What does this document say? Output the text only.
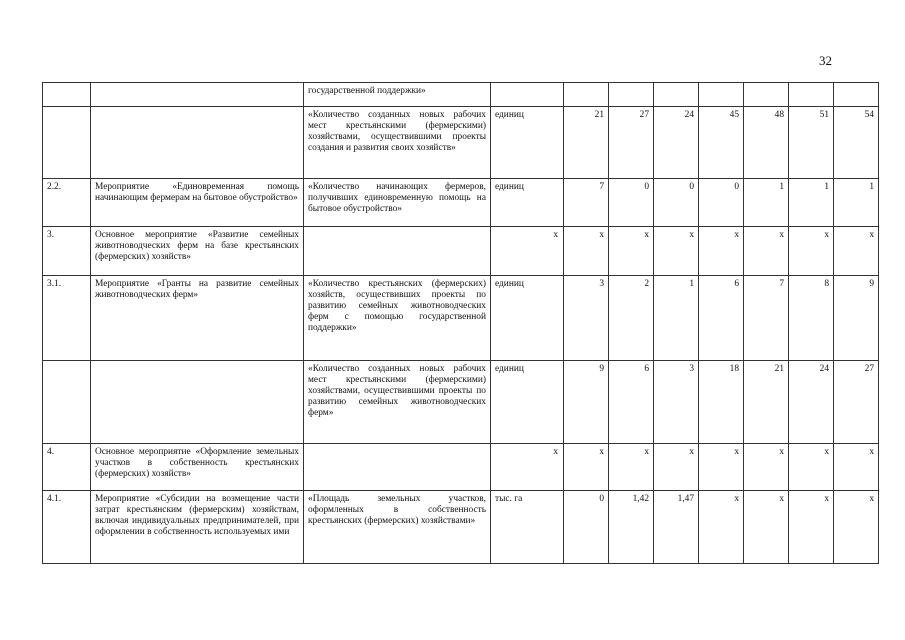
32
		государственной поддержки»								
		«Количество созданных новых рабочих мест крестьянскими (фермерскими) хозяйствами, осуществившими проекты создания и развития своих хозяйств»	единиц	21	27	24	45	48	51	54
2.2.	Мероприятие «Единовременная помощь начинающим фермерам на бытовое обустройство»	«Количество начинающих фермеров, получивших единовременную помощь на бытовое обустройство»	единиц	7	0	0	0	1	1	1
3.	Основное мероприятие «Развитие семейных животноводческих ферм на базе крестьянских (фермерских) хозяйств»		х	х	х	х	х	х	х	х
3.1.	Мероприятие «Гранты на развитие семейных животноводческих ферм»	«Количество крестьянских (фермерских) хозяйств, осуществивших проекты по развитию семейных животноводческих ферм с помощью государственной поддержки»	единиц	3	2	1	6	7	8	9
		«Количество созданных новых рабочих мест крестьянскими (фермерскими) хозяйствами, осуществившими проекты по развитию семейных животноводческих ферм»	единиц	9	6	3	18	21	24	27
4.	Основное мероприятие «Оформление земельных участков в собственность крестьянских (фермерских) хозяйств»		х	х	х	х	х	х	х	х
4.1.	Мероприятие «Субсидии на возмещение части затрат крестьянским (фермерским) хозяйствам, включая индивидуальных предпринимателей, при оформлении в собственность используемых ими	«Площадь земельных участков, оформленных в собственность крестьянских (фермерских) хозяйствами»	тыс. га	0	1,42	1,47	х	х	х	х
